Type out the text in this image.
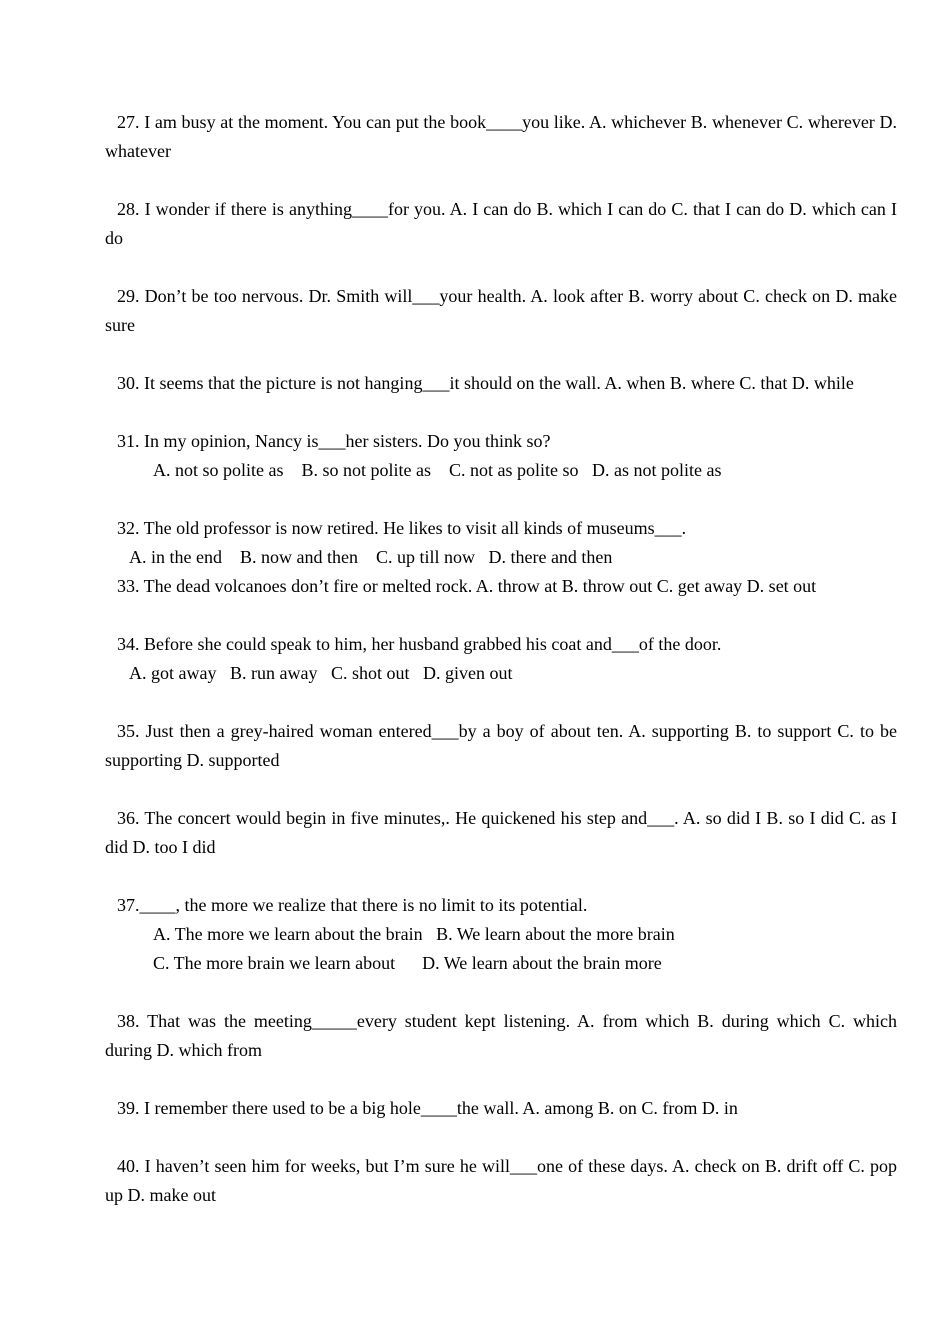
27. I am busy at the moment. You can put the book____you like. A. whichever B. whenever C. wherever D. whatever

28. I wonder if there is anything____for you. A. I can do B. which I can do C. that I can do D. which can I do

29. Don’t be too nervous. Dr. Smith will___your health. A. look after B. worry about C. check on D. make sure

30. It seems that the picture is not hanging___it should on the wall. A. when B. where C. that D. while

31. In my opinion, Nancy is___her sisters. Do you think so?

A. not so polite as    B. so not polite as    C. not as polite so   D. as not polite as

32. The old professor is now retired. He likes to visit all kinds of museums___.

A. in the end    B. now and then    C. up till now   D. there and then

33. The dead volcanoes don’t fire or melted rock. A. throw at B. throw out C. get away D. set out

34. Before she could speak to him, her husband grabbed his coat and___of the door.

A. got away   B. run away   C. shot out   D. given out

35. Just then a grey-haired woman entered___by a boy of about ten. A. supporting B. to support C. to be supporting D. supported

36. The concert would begin in five minutes,. He quickened his step and___. A. so did I B. so I did C. as I did D. too I did

37.____, the more we realize that there is no limit to its potential.

A. The more we learn about the brain   B. We learn about the more brain

C. The more brain we learn about      D. We learn about the brain more

38. That was the meeting_____every student kept listening. A. from which B. during which C. which during D. which from

39. I remember there used to be a big hole____the wall. A. among B. on C. from D. in

40. I haven’t seen him for weeks, but I’m sure he will___one of these days. A. check on B. drift off C. pop up D. make out
